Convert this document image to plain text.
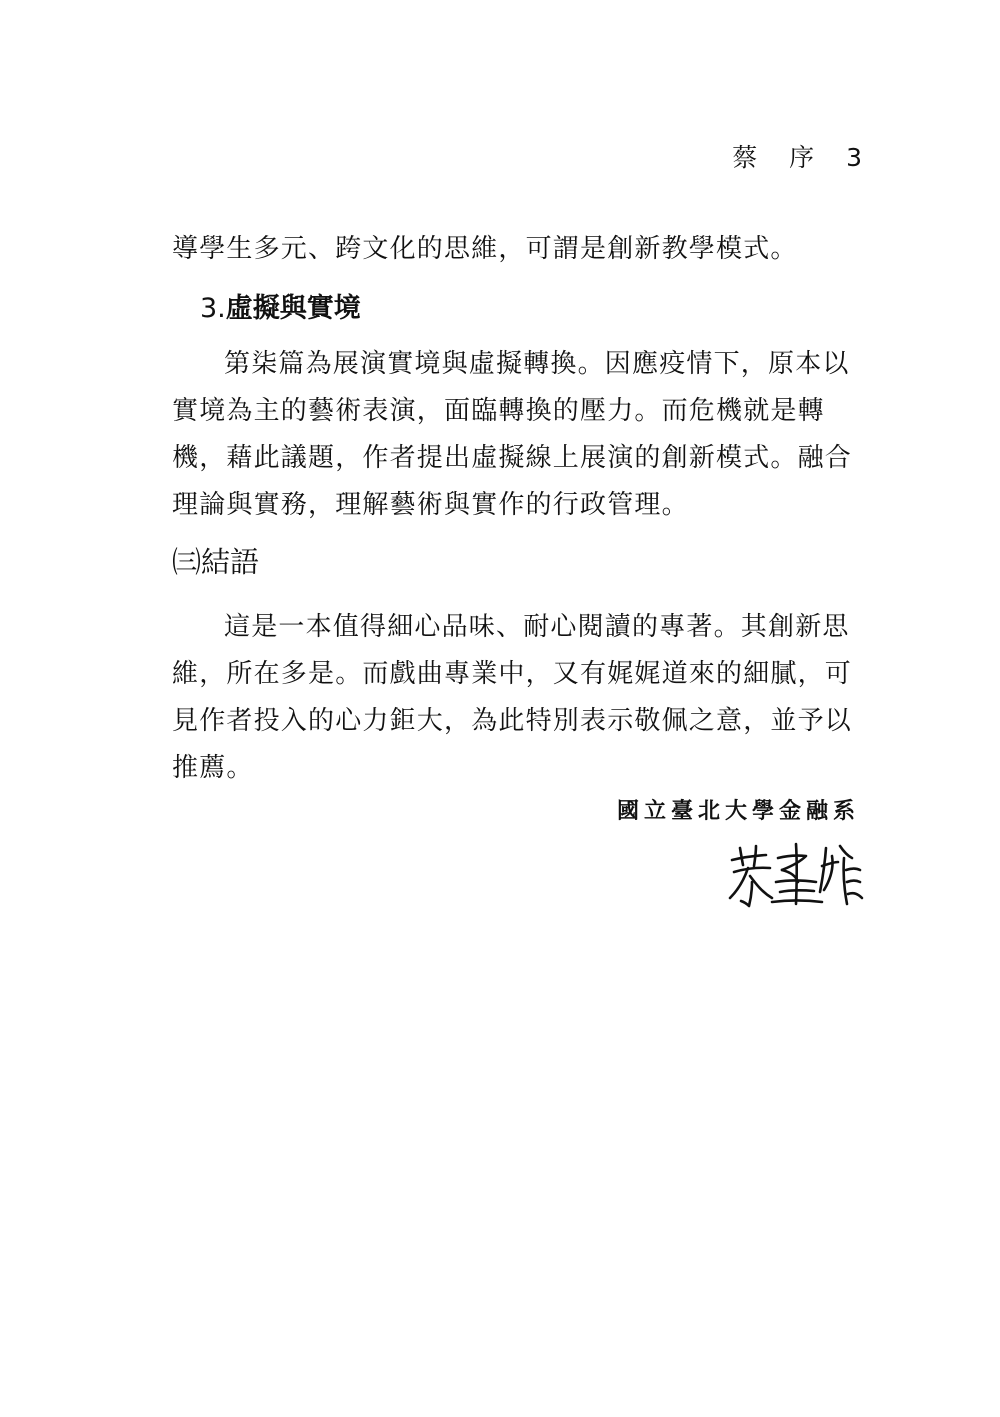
蔡 序 3

導學生多元、跨文化的思維，可謂是創新教學模式。

3.虛擬與實境

第柒篇為展演實境與虛擬轉換。因應疫情下，原本以
實境為主的藝術表演，面臨轉換的壓力。而危機就是轉
機，藉此議題，作者提出虛擬線上展演的創新模式。融合
理論與實務，理解藝術與實作的行政管理。

㈢結語

這是一本值得細心品味、耐心閱讀的專著。其創新思
維，所在多是。而戲曲專業中，又有娓娓道來的細膩，可
見作者投入的心力鉅大，為此特別表示敬佩之意，並予以
推薦。

國立臺北大學金融系
